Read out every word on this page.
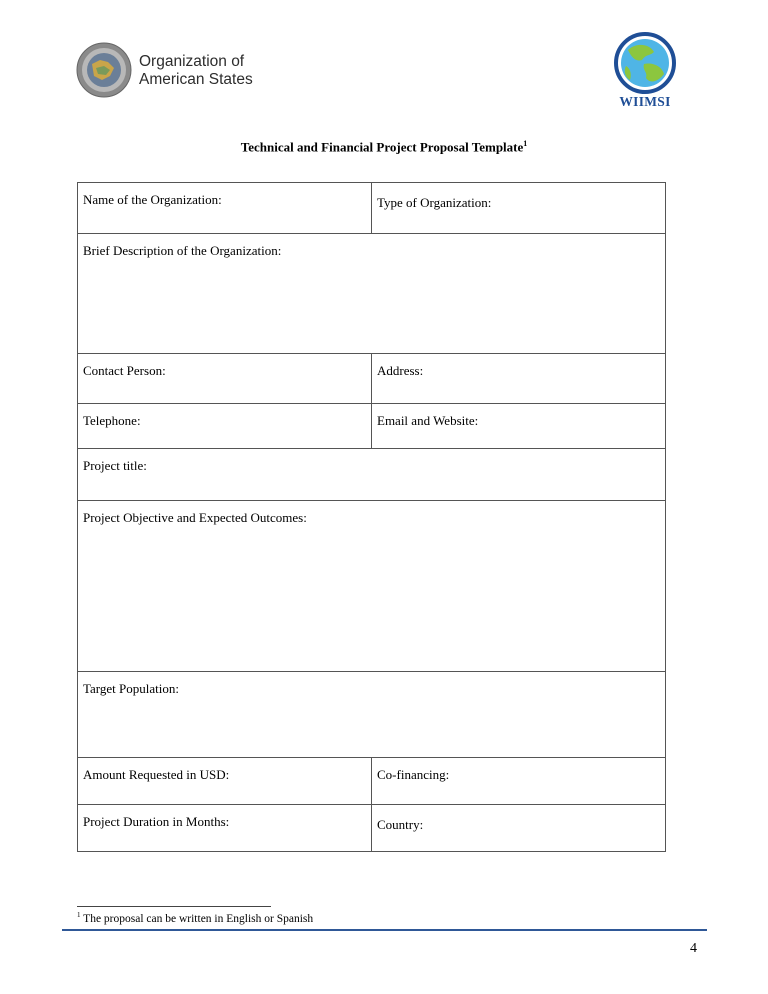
Organization of
American States
WIIMSI
Technical and Financial Project Proposal Template$^1$
Name of the Organization:	Type of Organization:
Brief Description of the Organization:	
Contact Person:	Address:
Telephone:	Email and Website:
Project title:	
Project Objective and Expected Outcomes:	
Target Population:	
Amount Requested in USD:	Co-financing:
Project Duration in Months:	Country:
$^1$ The proposal can be written in English or Spanish
4
